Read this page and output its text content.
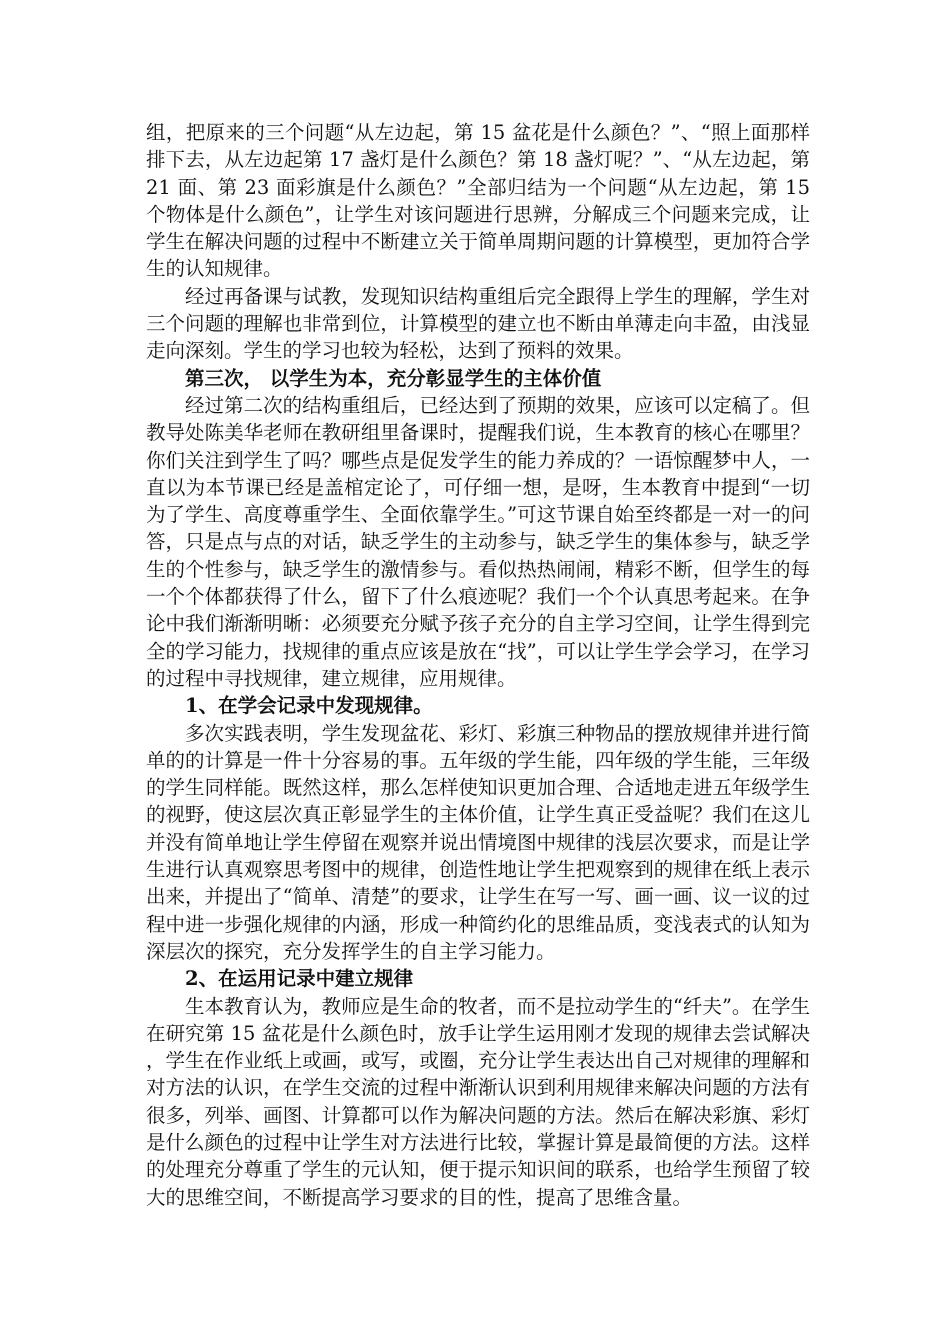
组，把原来的三个问题“从左边起，第 15 盆花是什么颜色？”、“照上面那样排下去，从左边起第 17 盏灯是什么颜色？第 18 盏灯呢？”、“从左边起，第 21 面、第 23 面彩旗是什么颜色？”全部归结为一个问题“从左边起，第 15 个物体是什么颜色”，让学生对该问题进行思辨，分解成三个问题来完成，让学生在解决问题的过程中不断建立关于简单周期问题的计算模型，更加符合学生的认知规律。

经过再备课与试教，发现知识结构重组后完全跟得上学生的理解，学生对三个问题的理解也非常到位，计算模型的建立也不断由单薄走向丰盈，由浅显走向深刻。学生的学习也较为轻松，达到了预料的效果。

第三次， 以学生为本，充分彰显学生的主体价值

经过第二次的结构重组后，已经达到了预期的效果，应该可以定稿了。但教导处陈美华老师在教研组里备课时，提醒我们说，生本教育的核心在哪里？你们关注到学生了吗？哪些点是促发学生的能力养成的？一语惊醒梦中人，一直以为本节课已经是盖棺定论了，可仔细一想，是呀，生本教育中提到“一切为了学生、高度尊重学生、全面依靠学生。”可这节课自始至终都是一对一的问答，只是点与点的对话，缺乏学生的主动参与，缺乏学生的集体参与，缺乏学生的个性参与，缺乏学生的激情参与。看似热热闹闹，精彩不断，但学生的每一个个体都获得了什么，留下了什么痕迹呢？我们一个个认真思考起来。在争论中我们渐渐明晰：必须要充分赋予孩子充分的自主学习空间，让学生得到完全的学习能力，找规律的重点应该是放在“找”，可以让学生学会学习，在学习的过程中寻找规律，建立规律，应用规律。

1、在学会记录中发现规律。

多次实践表明，学生发现盆花、彩灯、彩旗三种物品的摆放规律并进行简单的的计算是一件十分容易的事。五年级的学生能，四年级的学生能，三年级的学生同样能。既然这样，那么怎样使知识更加合理、合适地走进五年级学生的视野，使这层次真正彰显学生的主体价值，让学生真正受益呢？我们在这儿并没有简单地让学生停留在观察并说出情境图中规律的浅层次要求，而是让学生进行认真观察思考图中的规律，创造性地让学生把观察到的规律在纸上表示出来，并提出了“简单、清楚”的要求，让学生在写一写、画一画、议一议的过程中进一步强化规律的内涵，形成一种简约化的思维品质，变浅表式的认知为深层次的探究，充分发挥学生的自主学习能力。

2、在运用记录中建立规律

生本教育认为，教师应是生命的牧者，而不是拉动学生的“纤夫”。在学生在研究第 15 盆花是什么颜色时，放手让学生运用刚才发现的规律去尝试解决，学生在作业纸上或画，或写，或圈，充分让学生表达出自己对规律的理解和对方法的认识，在学生交流的过程中渐渐认识到利用规律来解决问题的方法有很多，列举、画图、计算都可以作为解决问题的方法。然后在解决彩旗、彩灯是什么颜色的过程中让学生对方法进行比较，掌握计算是最简便的方法。这样的处理充分尊重了学生的元认知，便于提示知识间的联系，也给学生预留了较大的思维空间，不断提高学习要求的目的性，提高了思维含量。
